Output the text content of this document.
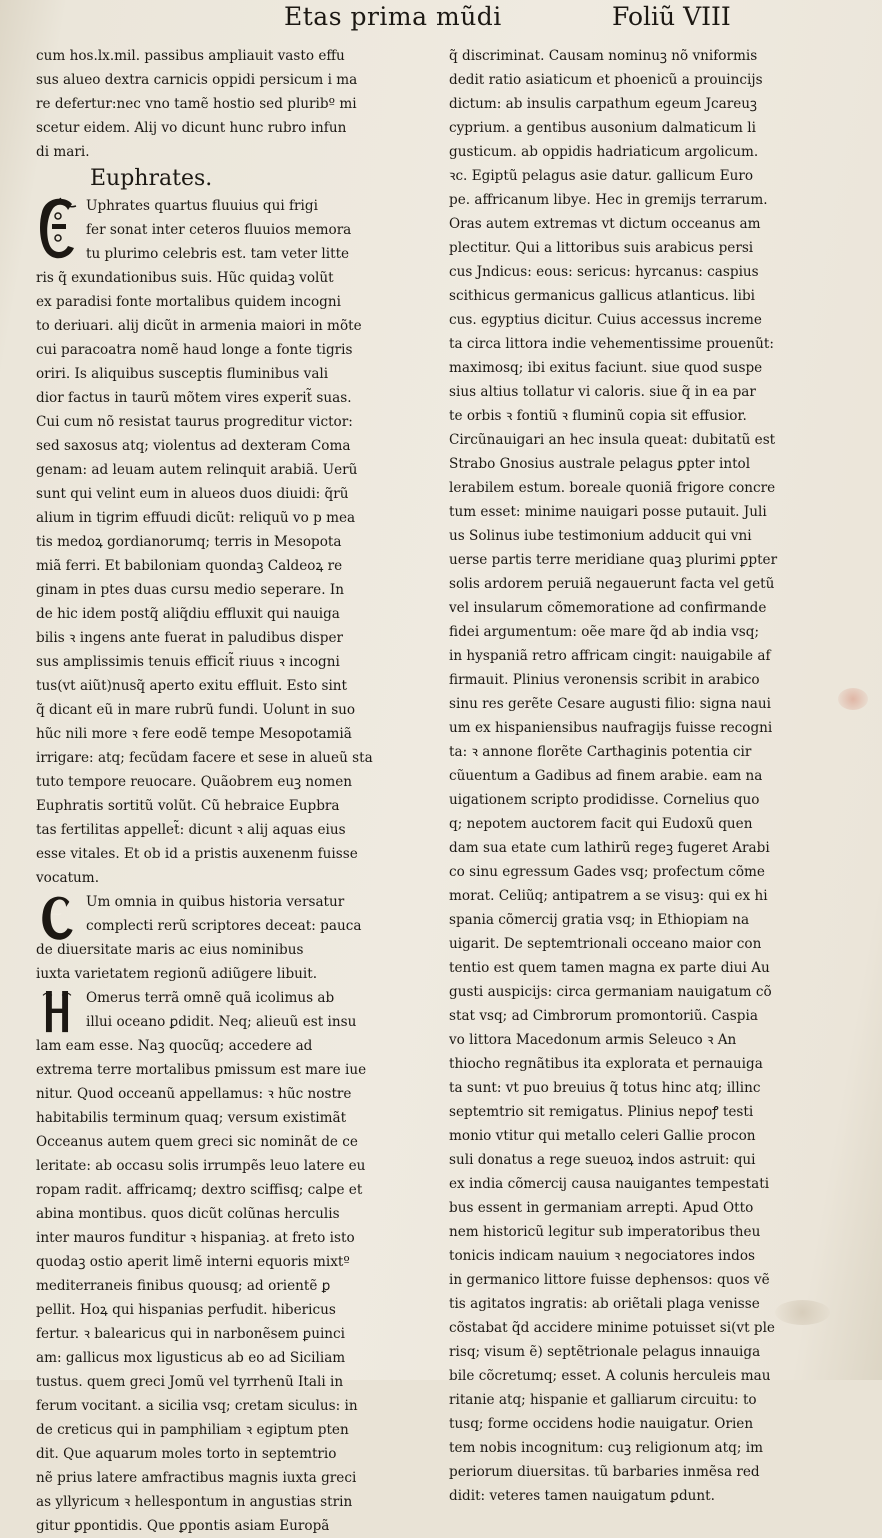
Etas prima mũdi	Foliũ VIII
cum hos.lx.mil. passibus ampliauit vasto effu
sus alueo dextra carnicis oppidi persicum i ma
re defertur:nec vno tamẽ hostio sed pluribº mi
scetur eidem. Alij vo dicunt hunc rubro infun
di mari.
Euphrates.
Uphrates quartus fluuius qui frigi
fer sonat inter ceteros fluuios memora
tu plurimo celebris est. tam veter litte
ris q̃ exundationibus suis. Hũc quidaꝫ volũt
ex paradisi fonte mortalibus quidem incogni
to deriuari. alij dicũt in armenia maiori in mõte
cui paracoatra nomẽ haud longe a fonte tigris
oriri. Is aliquibus susceptis fluminibus vali
dior factus in taurũ mõtem vires experit̃ suas.
Cui cum nõ resistat taurus progreditur victor:
sed saxosus atq; violentus ad dexteram Coma
genam: ad leuam autem relinquit arabiã. Uerũ
sunt qui velint eum in alueos duos diuidi: q̃rũ
alium in tigrim effuudi dicũt: reliquũ vo p mea
tis medoꝝ gordianorumq; terris in Mesopota
miã ferri. Et babiloniam quondaꝫ Caldeoꝝ re
ginam in ptes duas cursu medio seperare. In
de hic idem postq̃ aliq̃diu effluxit qui nauiga
bilis ꝛ ingens ante fuerat in paludibus disper
sus amplissimis tenuis efficit̃ riuus ꝛ incogni
tus(vt aiũt)nusq̃ aperto exitu effluit. Esto sint
q̃ dicant eũ in mare rubrũ fundi. Uolunt in suo
hũc nili more ꝛ fere eodẽ tempe Mesopotamiã
irrigare: atq; fecũdam facere et sese in alueũ sta
tuto tempore reuocare. Quãobrem euꝫ nomen
Euphratis sortitũ volũt. Cũ hebraice Eupbra
tas fertilitas appellet̃: dicunt ꝛ alij aquas eius
esse vitales. Et ob id a pristis auxenenm fuisse
vocatum.
Um omnia in quibus historia versatur
complecti rerũ scriptores deceat: pauca
de diuersitate maris ac eius nominibus
iuxta varietatem regionũ adiũgere libuit.
Omerus terrã omnẽ quã icolimus ab
illui oceano ꝑdidit. Neq; alieuũ est insu
lam eam esse. Naꝫ quocũq; accedere ad
extrema terre mortalibus pmissum est mare iue
nitur. Quod occeanũ appellamus: ꝛ hũc nostre
habitabilis terminum quaq; versum existimãt
Occeanus autem quem greci sic nominãt de ce
leritate: ab occasu solis irrumpẽs leuo latere eu
ropam radit. affricamq; dextro sciffisq; calpe et
abina montibus. quos dicũt colũnas herculis
inter mauros funditur ꝛ hispaniaꝫ. at freto isto
quodaꝫ ostio aperit limẽ interni equoris mixtº
mediterraneis finibus quousq; ad orientẽ ꝑ
pellit. Hoꝝ qui hispanias perfudit. hibericus
fertur. ꝛ balearicus qui in narbonẽsem ꝑuinci
am: gallicus mox ligusticus ab eo ad Siciliam
tustus. quem greci Jomũ vel tyrrhenũ Itali in
ferum vocitant. a sicilia vsq; cretam siculus: in
de creticus qui in pamphiliam ꝛ egiptum pten
dit. Que aquarum moles torto in septemtrio
nẽ prius latere amfractibus magnis iuxta greci
as yllyricum ꝛ hellespontum in angustias strin
gitur ꝑpontidis. Que ꝑpontis asiam Europã
q̃ discriminat. Causam nominuꝫ nõ vniformis
dedit ratio asiaticum et phoenicũ a prouincijs
dictum: ab insulis carpathum egeum Jcareuꝫ
cyprium. a gentibus ausonium dalmaticum li
gusticum. ab oppidis hadriaticum argolicum.
ꝛc. Egiptũ pelagus asie datur. gallicum Euro
pe. affricanum libye. Hec in gremijs terrarum.
Oras autem extremas vt dictum occeanus am
plectitur. Qui a littoribus suis arabicus persi
cus Jndicus: eous: sericus: hyrcanus: caspius
scithicus germanicus gallicus atlanticus. libi
cus. egyptius dicitur. Cuius accessus increme
ta circa littora indie vehementissime prouenũt:
maximosq; ibi exitus faciunt. siue quod suspe
sius altius tollatur vi caloris. siue q̃ in ea par
te orbis ꝛ fontiũ ꝛ fluminũ copia sit effusior.
Circũnauigari an hec insula queat: dubitatũ est
Strabo Gnosius australe pelagus ꝑpter intol
lerabilem estum. boreale quoniã frigore concre
tum esset: minime nauigari posse putauit. Juli
us Solinus iube testimonium adducit qui vni
uerse partis terre meridiane quaꝫ plurimi ꝑpter
solis ardorem peruiã negauerunt facta vel getũ
vel insularum cõmemoratione ad confirmande
fidei argumentum: oẽe mare q̃d ab india vsq;
in hyspaniã retro affricam cingit: nauigabile af
firmauit. Plinius veronensis scribit in arabico
sinu res gerẽte Cesare augusti filio: signa naui
um ex hispaniensibus naufragijs fuisse recogni
ta: ꝛ annone florẽte Carthaginis potentia cir
cũuentum a Gadibus ad finem arabie. eam na
uigationem scripto prodidisse. Cornelius quo
q; nepotem auctorem facit qui Eudoxũ quen
dam sua etate cum lathirũ regeꝫ fugeret Arabi
co sinu egressum Gades vsq; profectum cõme
morat. Celiũq; antipatrem a se visuꝫ: qui ex hi
spania cõmercij gratia vsq; in Ethiopiam na
uigarit. De septemtrionali occeano maior con
tentio est quem tamen magna ex parte diui Au
gusti auspicijs: circa germaniam nauigatum cõ
stat vsq; ad Cimbrorum promontoriũ. Caspia
vo littora Macedonum armis Seleuco ꝛ An
thiocho regnãtibus ita explorata et pernauiga
ta sunt: vt puo breuius q̃ totus hinc atq; illinc
septemtrio sit remigatus. Plinius nepoꝭ testi
monio vtitur qui metallo celeri Gallie procon
suli donatus a rege sueuoꝝ indos astruit: qui
ex india cõmercij causa nauigantes tempestati
bus essent in germaniam arrepti. Apud Otto
nem historicũ legitur sub imperatoribus theu
tonicis indicam nauium ꝛ negociatores indos
in germanico littore fuisse dephensos: quos vẽ
tis agitatos ingratis: ab oriẽtali plaga venisse
cõstabat q̃d accidere minime potuisset si(vt ple
risq; visum ẽ) septẽtrionale pelagus innauiga
bile cõcretumq; esset. A colunis herculeis mau
ritanie atq; hispanie et galliarum circuitu: to
tusq; forme occidens hodie nauigatur. Orien
tem nobis incognitum: cuꝫ religionum atq; im
periorum diuersitas. tũ barbaries inmẽsa red
didit: veteres tamen nauigatum ꝑdunt.
